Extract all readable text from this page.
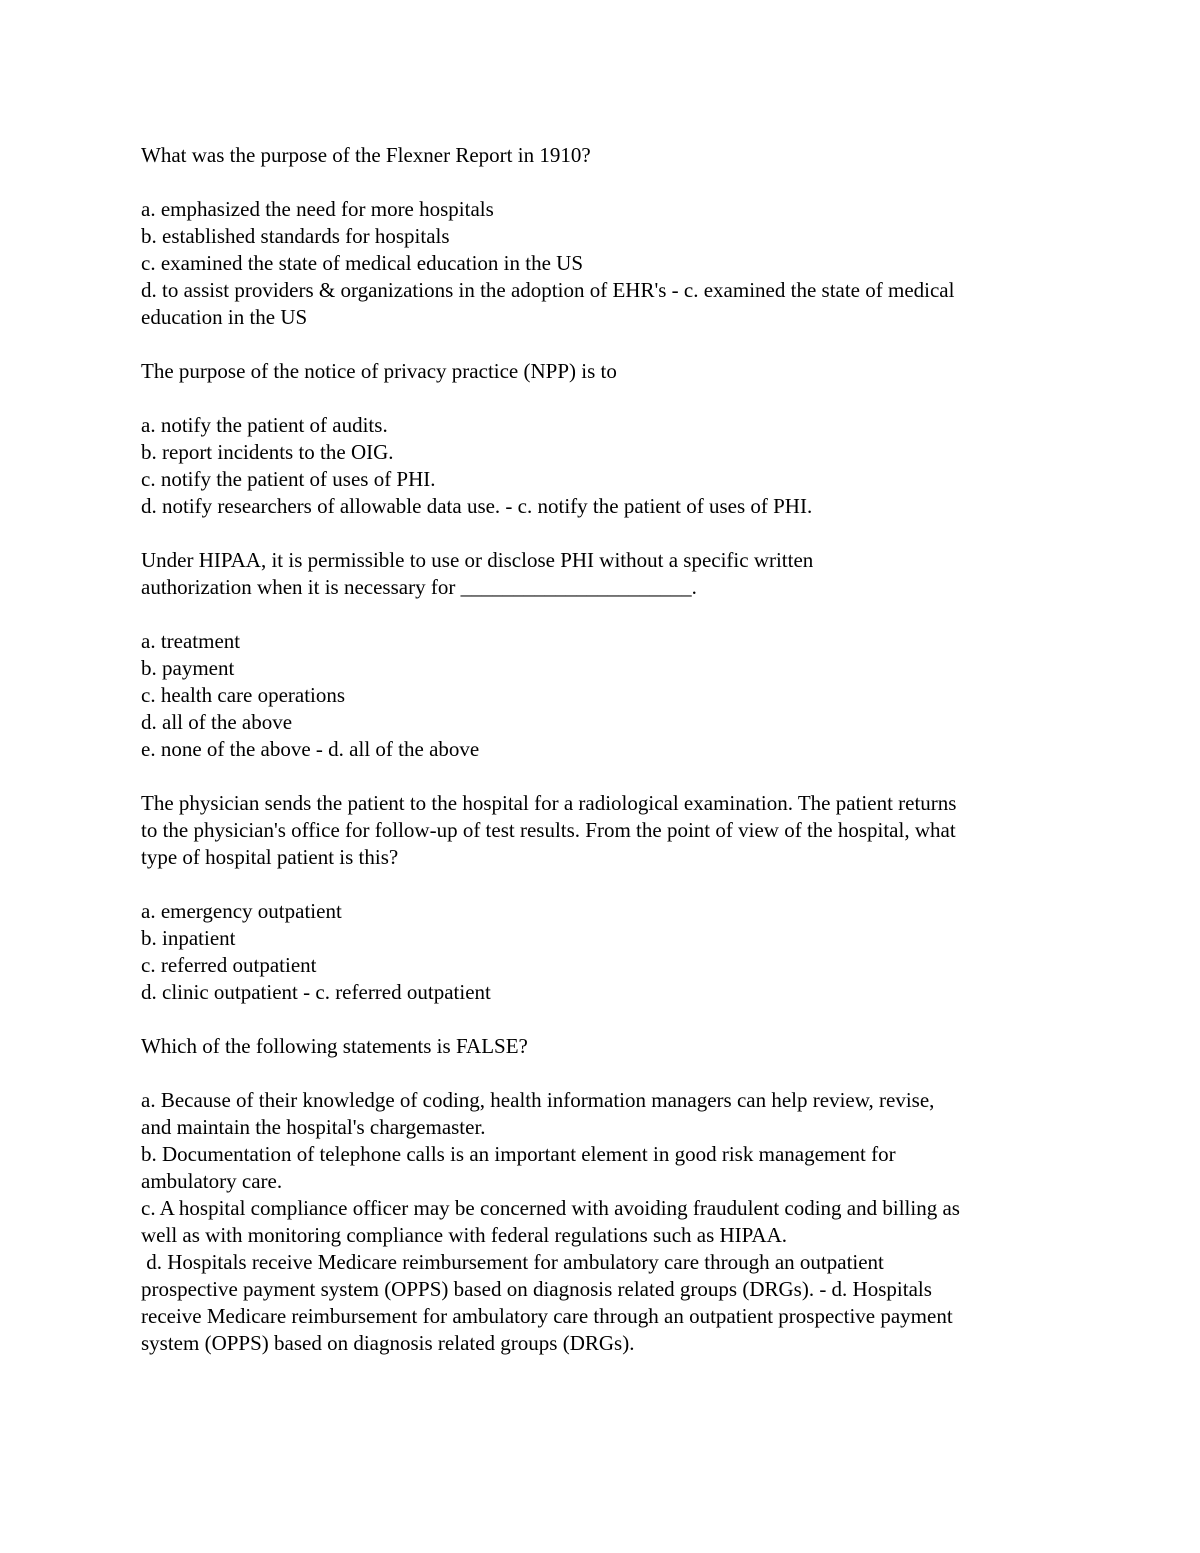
What was the purpose of the Flexner Report in 1910?
a. emphasized the need for more hospitals
b. established standards for hospitals
c. examined the state of medical education in the US
d. to assist providers & organizations in the adoption of EHR's - c. examined the state of medical
education in the US
The purpose of the notice of privacy practice (NPP) is to
a. notify the patient of audits.
b. report incidents to the OIG.
c. notify the patient of uses of PHI.
d. notify researchers of allowable data use. - c. notify the patient of uses of PHI.
Under HIPAA, it is permissible to use or disclose PHI without a specific written
authorization when it is necessary for ______________________.
a. treatment
b. payment
c. health care operations
d. all of the above
e. none of the above - d. all of the above
The physician sends the patient to the hospital for a radiological examination. The patient returns
to the physician's office for follow-up of test results. From the point of view of the hospital, what
type of hospital patient is this?
a. emergency outpatient
b. inpatient
c. referred outpatient
d. clinic outpatient - c. referred outpatient
Which of the following statements is FALSE?
a. Because of their knowledge of coding, health information managers can help review, revise,
and maintain the hospital's chargemaster.
b. Documentation of telephone calls is an important element in good risk management for
ambulatory care.
c. A hospital compliance officer may be concerned with avoiding fraudulent coding and billing as
well as with monitoring compliance with federal regulations such as HIPAA.
d. Hospitals receive Medicare reimbursement for ambulatory care through an outpatient
prospective payment system (OPPS) based on diagnosis related groups (DRGs). - d. Hospitals
receive Medicare reimbursement for ambulatory care through an outpatient prospective payment
system (OPPS) based on diagnosis related groups (DRGs).
